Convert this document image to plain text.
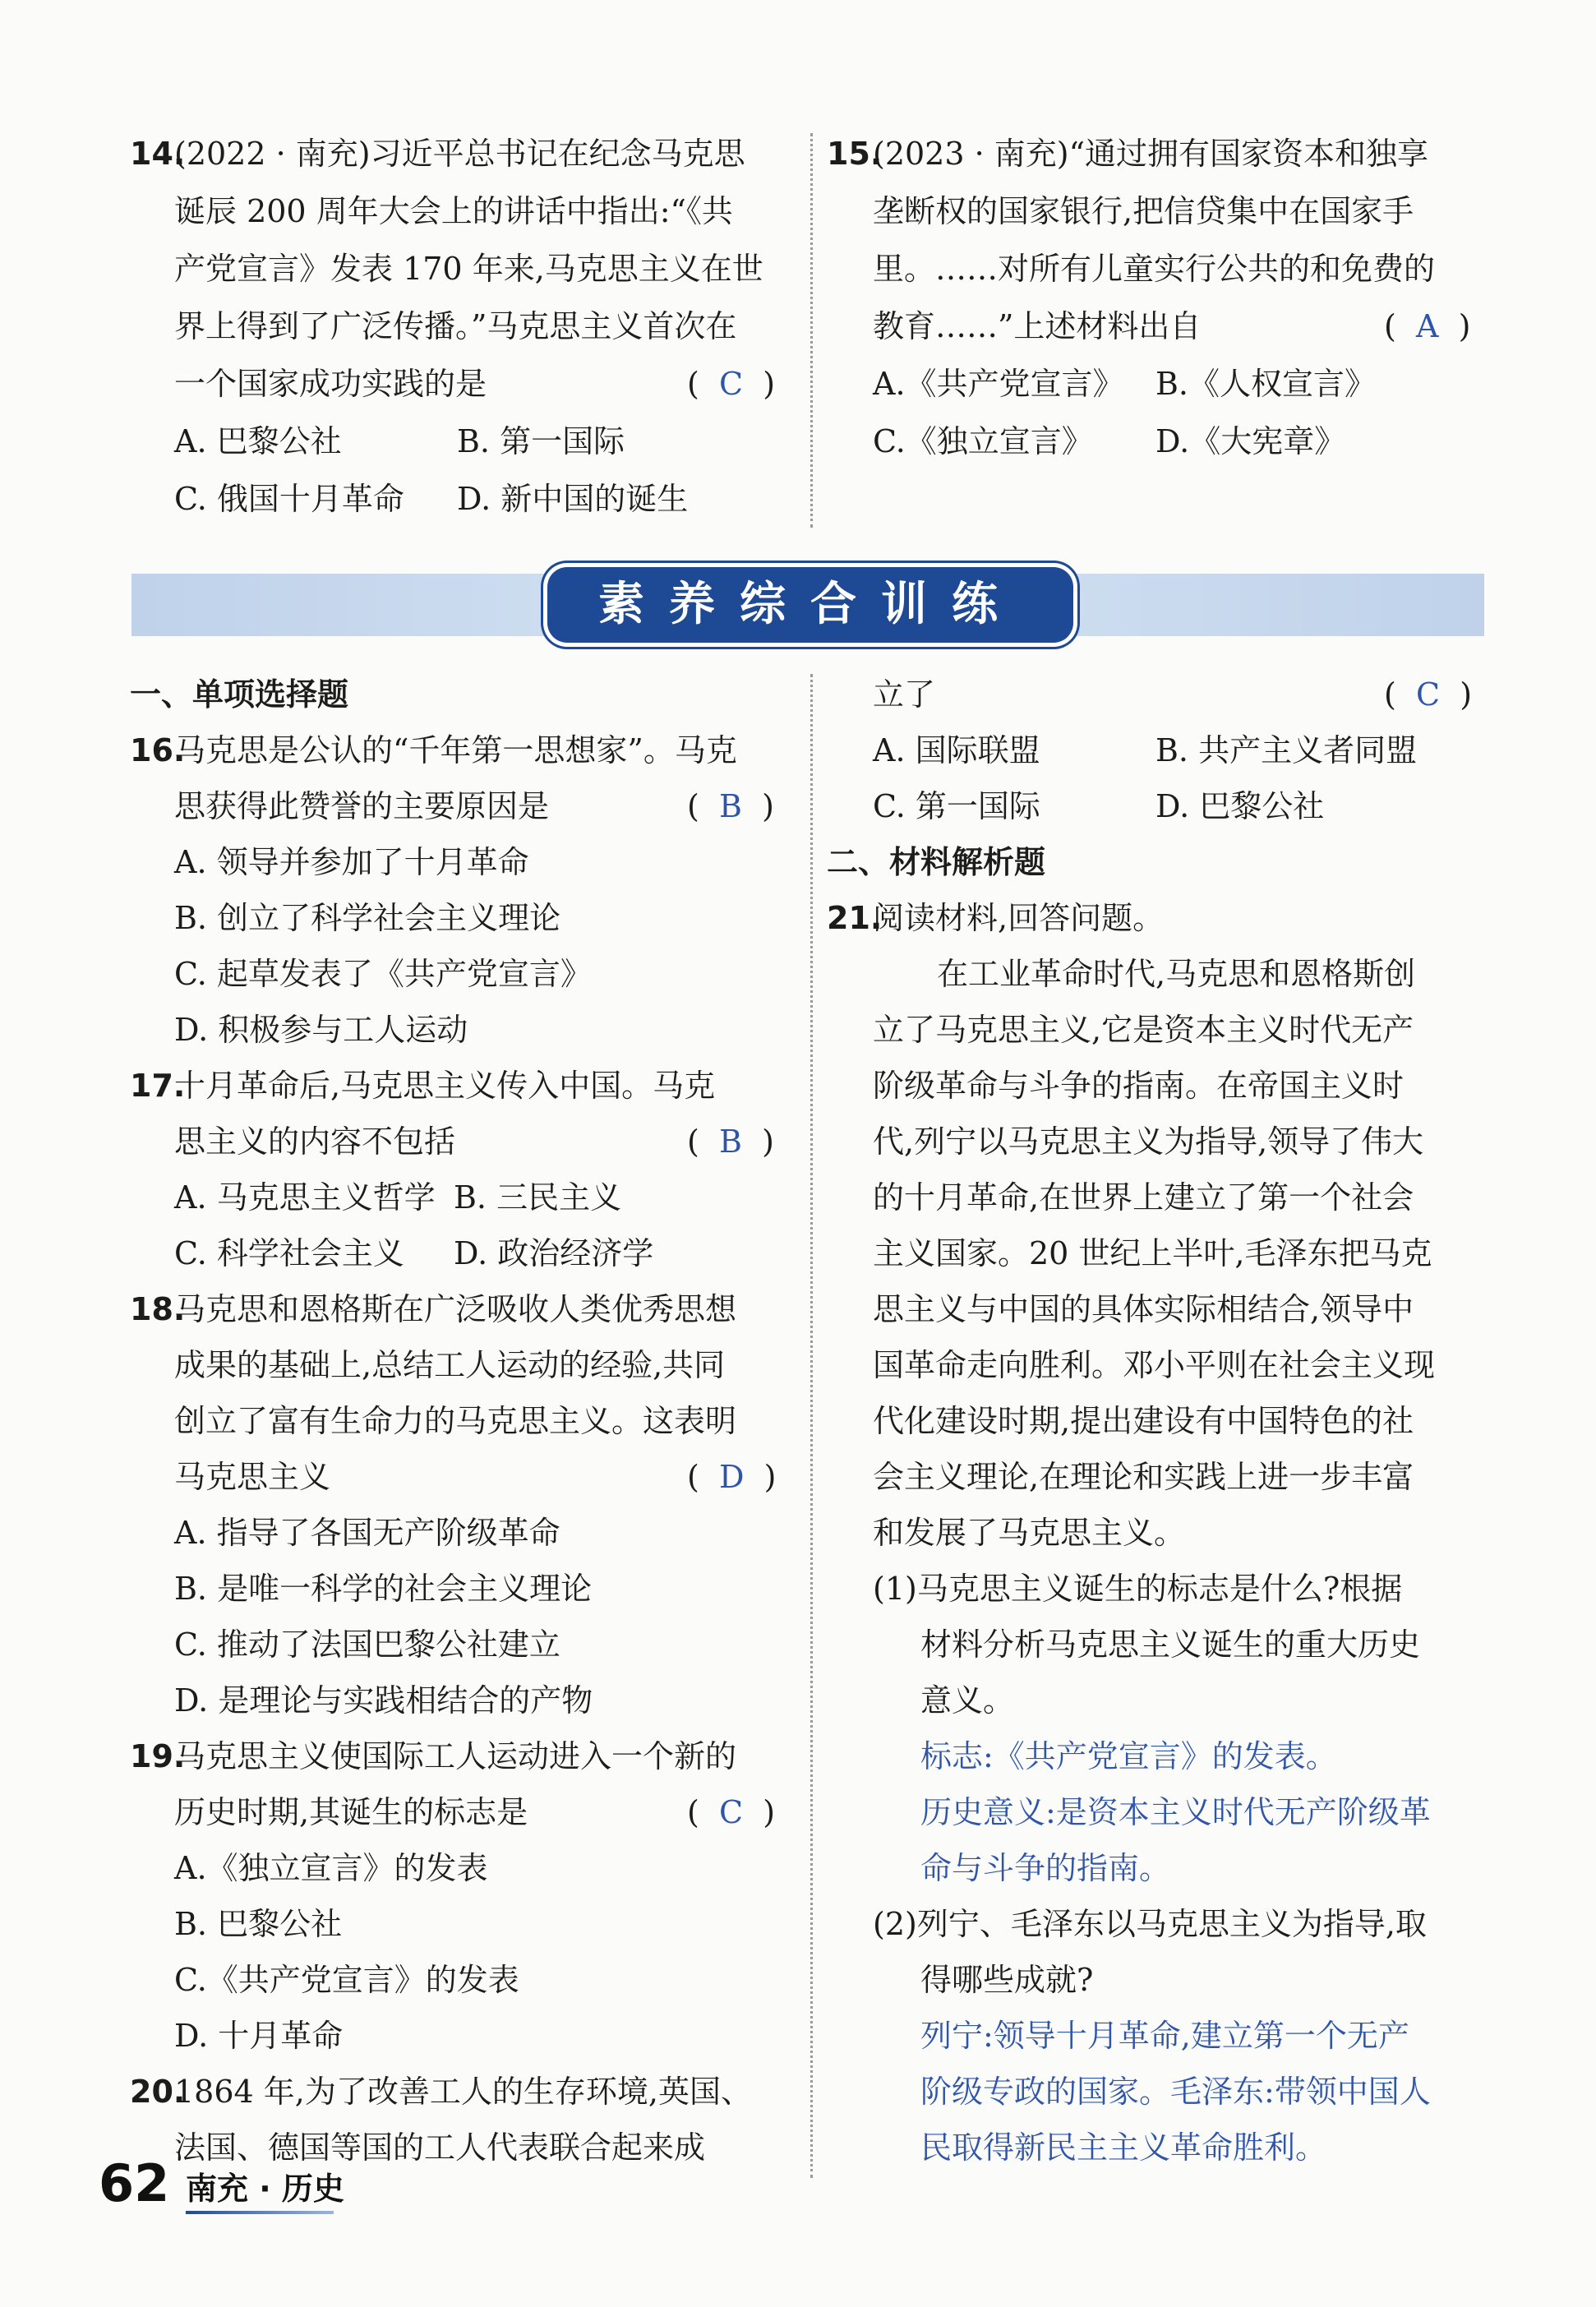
14.
(2022 · 南充)习近平总书记在纪念马克思
诞辰 200 周年大会上的讲话中指出:“《共
产党宣言》发表 170 年来,马克思主义在世
界上得到了广泛传播。”马克思主义首次在
一个国家成功实践的是	(  C  )
A. 巴黎公社	B. 第一国际
C. 俄国十月革命 D. 新中国的诞生
15.
(2023 · 南充)“通过拥有国家资本和独享
垄断权的国家银行,把信贷集中在国家手
里。……对所有儿童实行公共的和免费的
教育……”上述材料出自	(  A  )
A.《共产党宣言》 B.《人权宣言》
C.《独立宣言》 D.《大宪章》
素养综合训练
一、单项选择题
16.
马克思是公认的“千年第一思想家”。马克
思获得此赞誉的主要原因是	(  B  )
A. 领导并参加了十月革命
B. 创立了科学社会主义理论
C. 起草发表了《共产党宣言》
D. 积极参与工人运动
17.
十月革命后,马克思主义传入中国。马克
思主义的内容不包括	(  B  )
A. 马克思主义哲学 B. 三民主义
C. 科学社会主义 D. 政治经济学
18.
马克思和恩格斯在广泛吸收人类优秀思想
成果的基础上,总结工人运动的经验,共同
创立了富有生命力的马克思主义。这表明
马克思主义	(  D  )
A. 指导了各国无产阶级革命
B. 是唯一科学的社会主义理论
C. 推动了法国巴黎公社建立
D. 是理论与实践相结合的产物
19.
马克思主义使国际工人运动进入一个新的
历史时期,其诞生的标志是	(  C  )
A.《独立宣言》的发表
B. 巴黎公社
C.《共产党宣言》的发表
D. 十月革命
20.
1864 年,为了改善工人的生存环境,英国、
法国、德国等国的工人代表联合起来成
立了	(  C  )
A. 国际联盟	B. 共产主义者同盟
C. 第一国际	D. 巴黎公社
二、材料解析题
21.
阅读材料,回答问题。
在工业革命时代,马克思和恩格斯创
立了马克思主义,它是资本主义时代无产
阶级革命与斗争的指南。在帝国主义时
代,列宁以马克思主义为指导,领导了伟大
的十月革命,在世界上建立了第一个社会
主义国家。20 世纪上半叶,毛泽东把马克
思主义与中国的具体实际相结合,领导中
国革命走向胜利。邓小平则在社会主义现
代化建设时期,提出建设有中国特色的社
会主义理论,在理论和实践上进一步丰富
和发展了马克思主义。
(1)马克思主义诞生的标志是什么?根据
材料分析马克思主义诞生的重大历史
意义。
标志:《共产党宣言》的发表。
历史意义:是资本主义时代无产阶级革
命与斗争的指南。
(2)列宁、毛泽东以马克思主义为指导,取
得哪些成就?
列宁:领导十月革命,建立第一个无产
阶级专政的国家。毛泽东:带领中国人
民取得新民主主义革命胜利。
62 南充 · 历史
